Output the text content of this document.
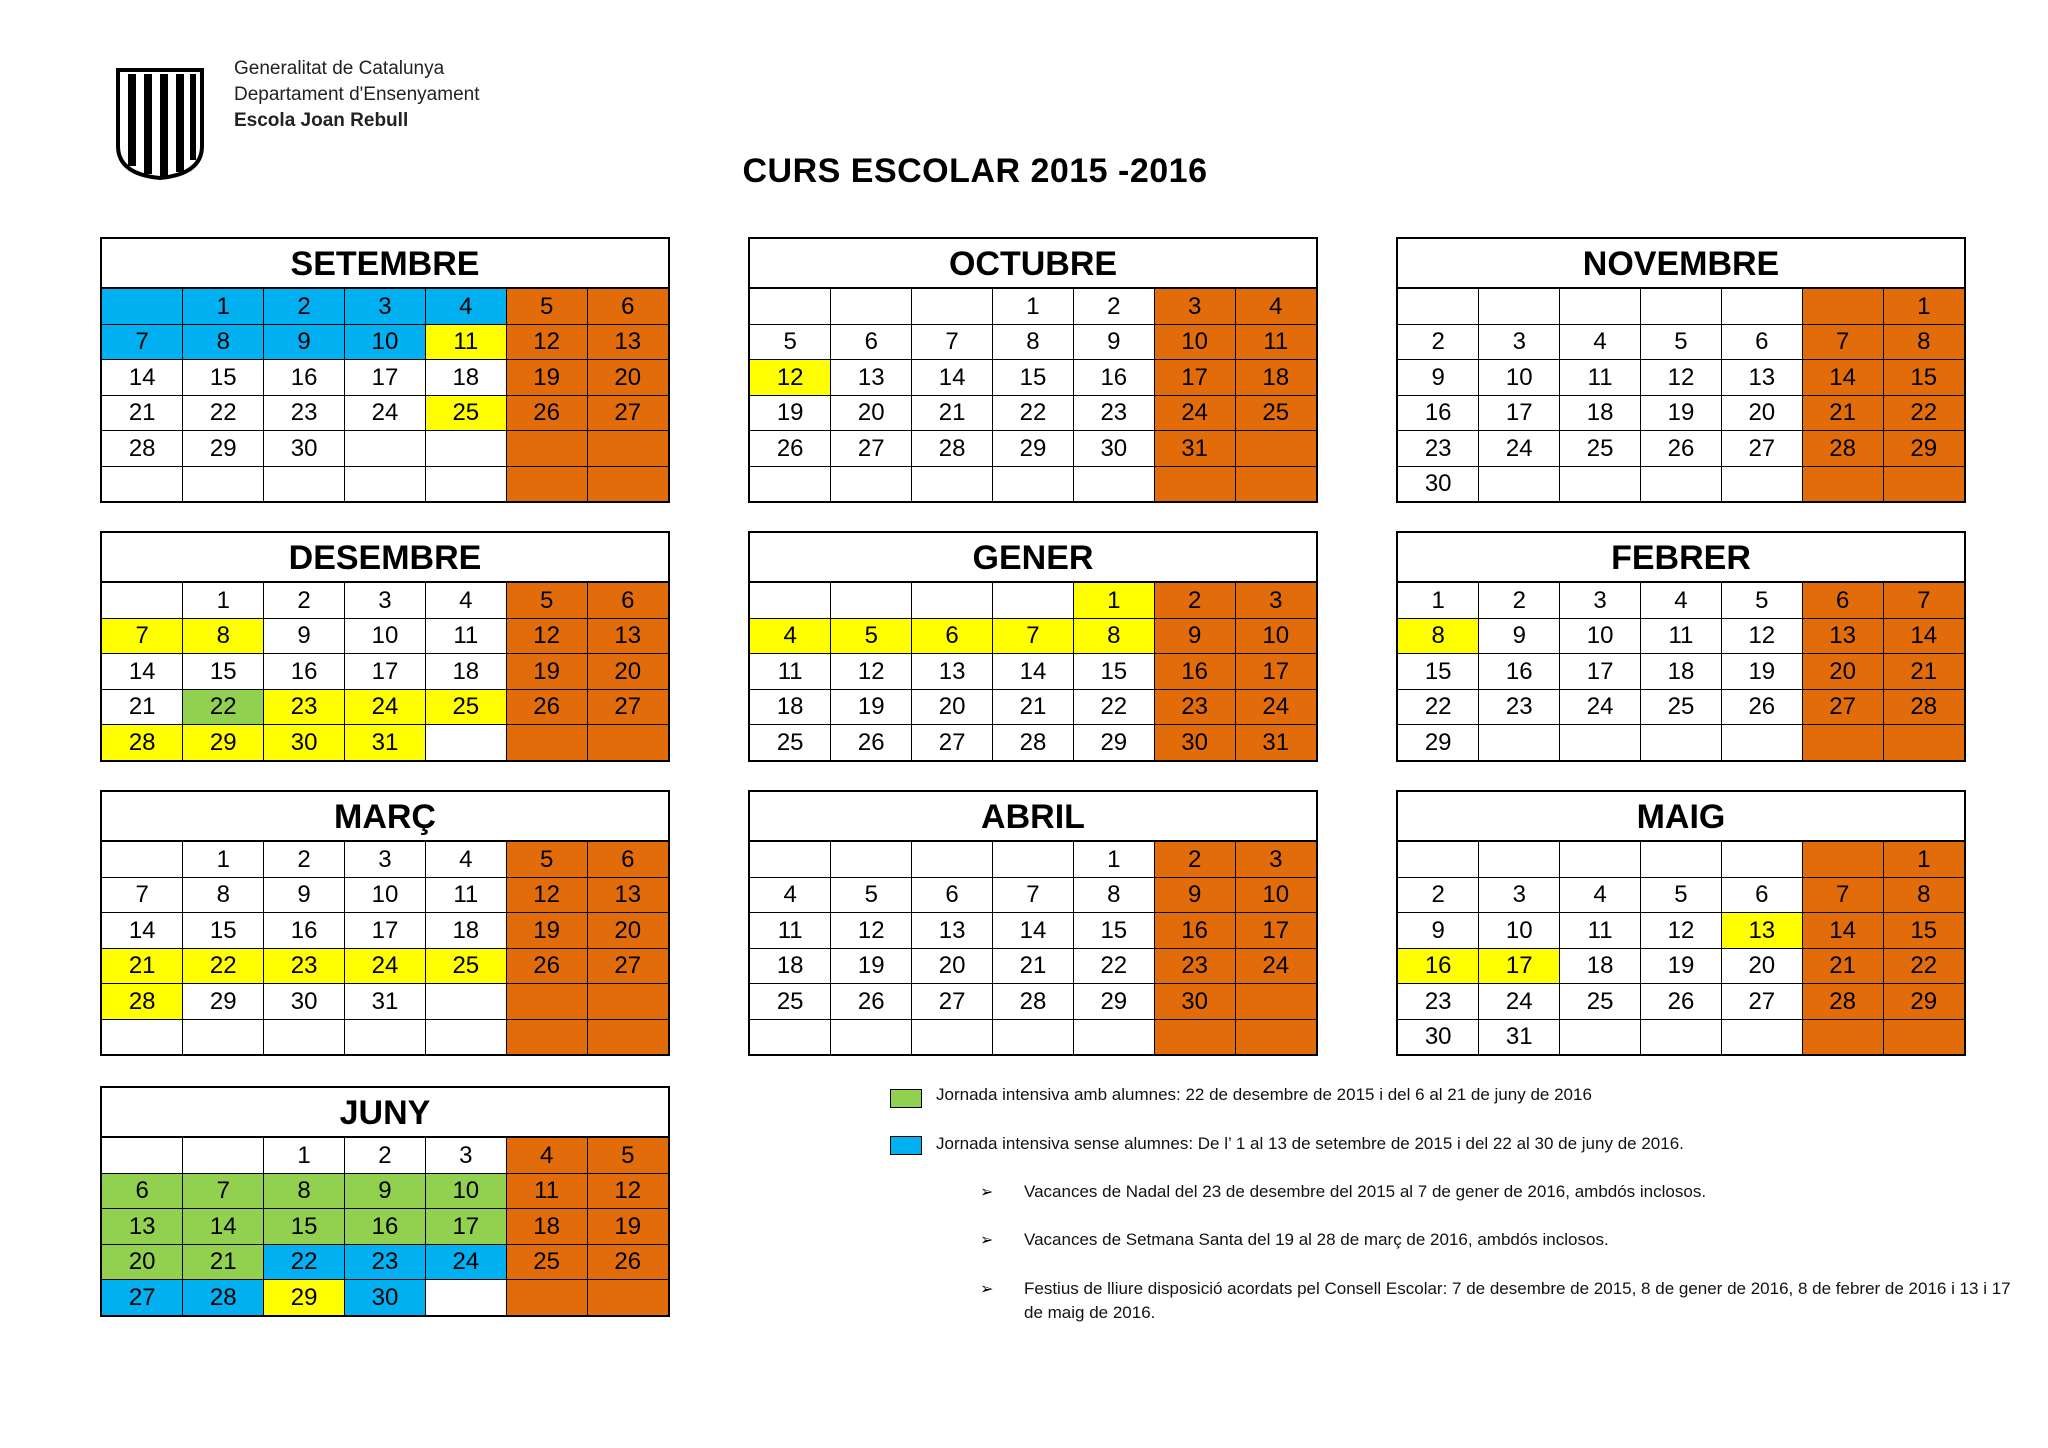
Generalitat de Catalunya
Departament d'Ensenyament
Escola Joan Rebull
CURS ESCOLAR 2015 -2016
SETEMBRE
	1	2	3	4	5	6
7	8	9	10	11	12	13
14	15	16	17	18	19	20
21	22	23	24	25	26	27
28	29	30				

OCTUBRE
			1	2	3	4
5	6	7	8	9	10	11
12	13	14	15	16	17	18
19	20	21	22	23	24	25
26	27	28	29	30	31	

NOVEMBRE
						1
2	3	4	5	6	7	8
9	10	11	12	13	14	15
16	17	18	19	20	21	22
23	24	25	26	27	28	29
30						
DESEMBRE
	1	2	3	4	5	6
7	8	9	10	11	12	13
14	15	16	17	18	19	20
21	22	23	24	25	26	27
28	29	30	31			
GENER
				1	2	3
4	5	6	7	8	9	10
11	12	13	14	15	16	17
18	19	20	21	22	23	24
25	26	27	28	29	30	31
FEBRER
1	2	3	4	5	6	7
8	9	10	11	12	13	14
15	16	17	18	19	20	21
22	23	24	25	26	27	28
29						
MARÇ
	1	2	3	4	5	6
7	8	9	10	11	12	13
14	15	16	17	18	19	20
21	22	23	24	25	26	27
28	29	30	31			

ABRIL
				1	2	3
4	5	6	7	8	9	10
11	12	13	14	15	16	17
18	19	20	21	22	23	24
25	26	27	28	29	30	

MAIG
						1
2	3	4	5	6	7	8
9	10	11	12	13	14	15
16	17	18	19	20	21	22
23	24	25	26	27	28	29
30	31					
JUNY
		1	2	3	4	5
6	7	8	9	10	11	12
13	14	15	16	17	18	19
20	21	22	23	24	25	26
27	28	29	30			
Jornada intensiva amb alumnes: 22 de desembre de 2015 i del 6 al 21 de juny de 2016
Jornada intensiva sense alumnes: De l’ 1 al 13 de setembre de 2015 i del 22 al 30 de juny de 2016.
➢ Vacances de Nadal del 23 de desembre del 2015 al 7 de gener de 2016, ambdós inclosos.
➢ Vacances de Setmana Santa del 19 al 28 de març de 2016, ambdós inclosos.
➢ Festius de lliure disposició acordats pel Consell Escolar: 7 de desembre de 2015, 8 de gener de 2016, 8 de febrer de 2016 i 13 i 17 de maig de 2016.
